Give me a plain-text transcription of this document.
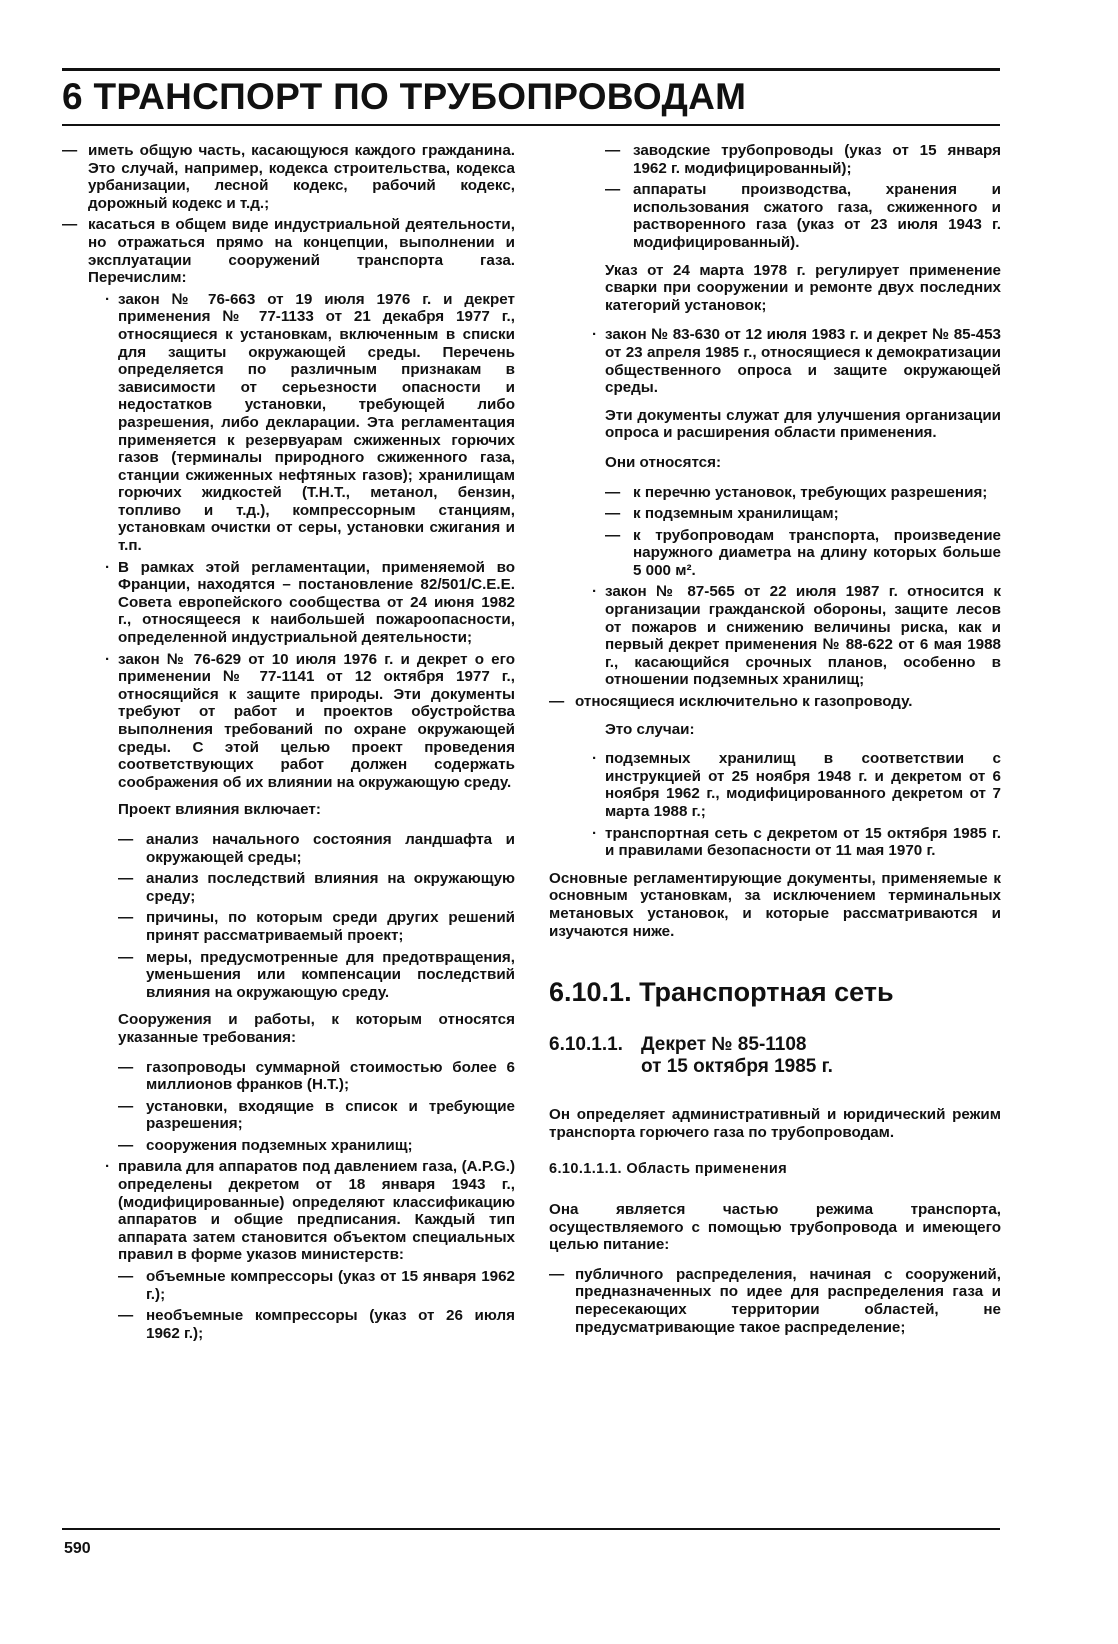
6 ТРАНСПОРТ ПО ТРУБОПРОВОДАМ
— иметь общую часть, касающуюся каждого гражданина. Это случай, например, кодекса строительства, кодекса урбанизации, лесной кодекс, рабочий кодекс, дорожный кодекс и т.д.;
— касаться в общем виде индустриальной деятельности, но отражаться прямо на концепции, выполнении и эксплуатации сооружений транспорта газа. Перечислим:
· закон № 76-663 от 19 июля 1976 г. и декрет применения № 77-1133 от 21 декабря 1977 г., относящиеся к установкам, включенным в списки для защиты окружающей среды. Перечень определяется по различным признакам в зависимости от серьезности опасности и недостатков установки, требующей либо разрешения, либо декларации. Эта регламентация применяется к резервуарам сжиженных горючих газов (терминалы природного сжиженного газа, станции сжиженных нефтяных газов); хранилищам горючих жидкостей (Т.Н.Т., метанол, бензин, топливо и т.д.), компрессорным станциям, установкам очистки от серы, установки сжигания и т.п.
· В рамках этой регламентации, применяемой во Франции, находятся – постановление 82/501/С.Е.Е. Совета европейского сообщества от 24 июня 1982 г., относящееся к наибольшей пожароопасности, определенной индустриальной деятельности;
· закон № 76-629 от 10 июля 1976 г. и декрет о его применении № 77-1141 от 12 октября 1977 г., относящийся к защите природы. Эти документы требуют от работ и проектов обустройства выполнения требований по охране окружающей среды. С этой целью проект проведения соответствующих работ должен содержать соображения об их влиянии на окружающую среду.
Проект влияния включает:
— анализ начального состояния ландшафта и окружающей среды;
— анализ последствий влияния на окружающую среду;
— причины, по которым среди других решений принят рассматриваемый проект;
— меры, предусмотренные для предотвращения, уменьшения или компенсации последствий влияния на окружающую среду.
Сооружения и работы, к которым относятся указанные требования:
— газопроводы суммарной стоимостью более 6 миллионов франков (Н.Т.);
— установки, входящие в список и требующие разрешения;
— сооружения подземных хранилищ;
· правила для аппаратов под давлением газа, (А.Р.G.) определены декретом от 18 января 1943 г., (модифицированные) определяют классификацию аппаратов и общие предписания. Каждый тип аппарата затем становится объектом специальных правил в форме указов министерств:
— объемные компрессоры (указ от 15 января 1962 г.);
— необъемные компрессоры (указ от 26 июля 1962 г.);
— заводские трубопроводы (указ от 15 января 1962 г. модифицированный);
— аппараты производства, хранения и использования сжатого газа, сжиженного и растворенного газа (указ от 23 июля 1943 г. модифицированный).
Указ от 24 марта 1978 г. регулирует применение сварки при сооружении и ремонте двух последних категорий установок;
· закон № 83-630 от 12 июля 1983 г. и декрет № 85-453 от 23 апреля 1985 г., относящиеся к демократизации общественного опроса и защите окружающей среды.
Эти документы служат для улучшения организации опроса и расширения области применения.
Они относятся:
— к перечню установок, требующих разрешения;
— к подземным хранилищам;
— к трубопроводам транспорта, произведение наружного диаметра на длину которых больше 5 000 м².
· закон № 87-565 от 22 июля 1987 г. относится к организации гражданской обороны, защите лесов от пожаров и снижению величины риска, как и первый декрет применения № 88-622 от 6 мая 1988 г., касающийся срочных планов, особенно в отношении подземных хранилищ;
— относящиеся исключительно к газопроводу.
Это случаи:
· подземных хранилищ в соответствии с инструкцией от 25 ноября 1948 г. и декретом от 6 ноября 1962 г., модифицированного декретом от 7 марта 1988 г.;
· транспортная сеть с декретом от 15 октября 1985 г. и правилами безопасности от 11 мая 1970 г.
Основные регламентирующие документы, применяемые к основным установкам, за исключением терминальных метановых установок, и которые рассматриваются и изучаются ниже.
6.10.1. Транспортная сеть
6.10.1.1. Декрет № 85-1108
от 15 октября 1985 г.
Он определяет административный и юридический режим транспорта горючего газа по трубопроводам.
6.10.1.1.1. Область применения
Она является частью режима транспорта, осуществляемого с помощью трубопровода и имеющего целью питание:
— публичного распределения, начиная с сооружений, предназначенных по идее для распределения газа и пересекающих территории областей, не предусматривающие такое распределение;
590
